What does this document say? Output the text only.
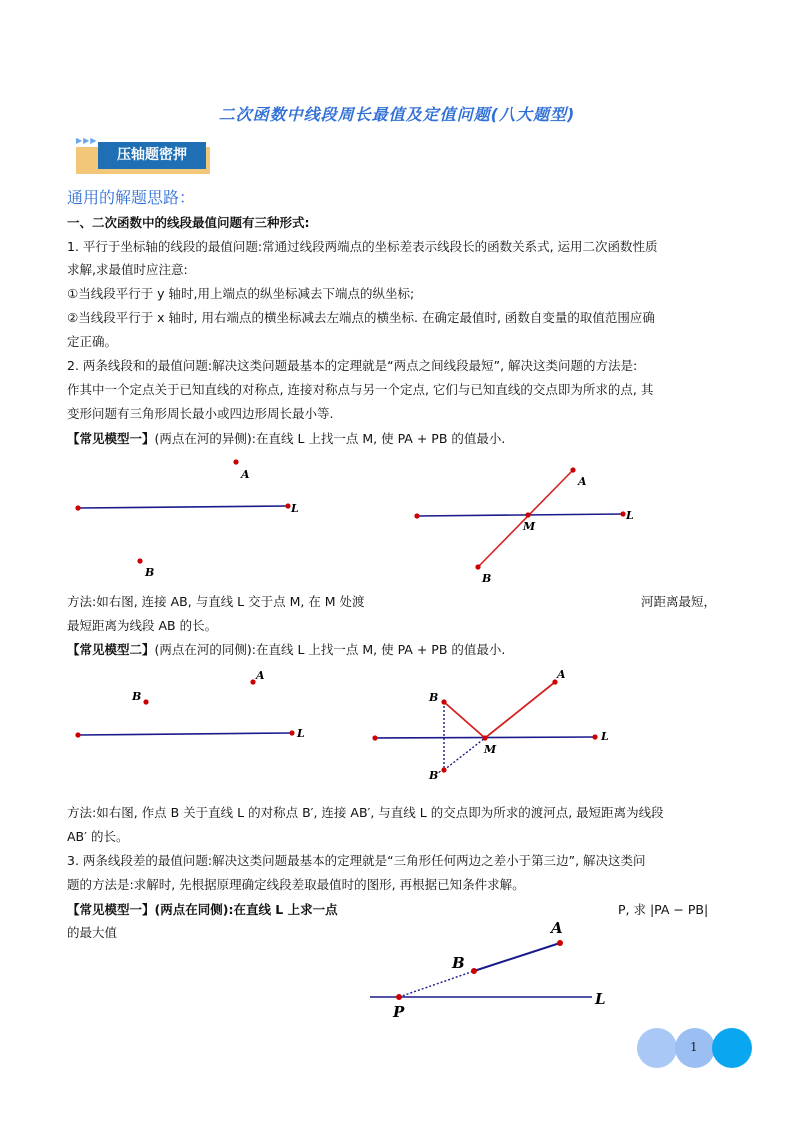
二次函数中线段周长最值及定值问题(八大题型)
▶▶▶
压轴题密押
通用的解题思路：
一、二次函数中的线段最值问题有三种形式:
1. 平行于坐标轴的线段的最值问题:常通过线段两端点的坐标差表示线段长的函数关系式, 运用二次函数性质
求解,求最值时应注意:
①当线段平行于 y 轴时,用上端点的纵坐标减去下端点的纵坐标;
②当线段平行于 x 轴时, 用右端点的横坐标减去左端点的横坐标. 在确定最值时, 函数自变量的取值范围应确
定正确。
2. 两条线段和的最值问题:解决这类问题最基本的定理就是“两点之间线段最短”, 解决这类问题的方法是:
作其中一个定点关于已知直线的对称点, 连接对称点与另一个定点, 它们与已知直线的交点即为所求的点, 其
变形问题有三角形周长最小或四边形周长最小等.
【常见模型一】(两点在河的异侧):在直线 L 上找一点 M, 使 PA + PB 的值最小.
A
L
B
A
L
M
B
方法:如右图, 连接 AB, 与直线 L 交于点 M, 在 M 处渡	河距离最短，
最短距离为线段 AB 的长。
【常见模型二】(两点在河的同侧):在直线 L 上找一点 M, 使 PA + PB 的值最小.
B
A
L
B
A
M
L
B′
方法:如右图, 作点 B 关于直线 L 的对称点 B′, 连接 AB′, 与直线 L 的交点即为所求的渡河点, 最短距离为线段
AB′ 的长。
3. 两条线段差的最值问题:解决这类问题最基本的定理就是“三角形任何两边之差小于第三边”, 解决这类问
题的方法是:求解时, 先根据原理确定线段差取最值时的图形, 再根据已知条件求解。
【常见模型一】(两点在同侧):在直线 L 上求一点	P, 求 |PA − PB|
的最大值	A
B
L
P
1
